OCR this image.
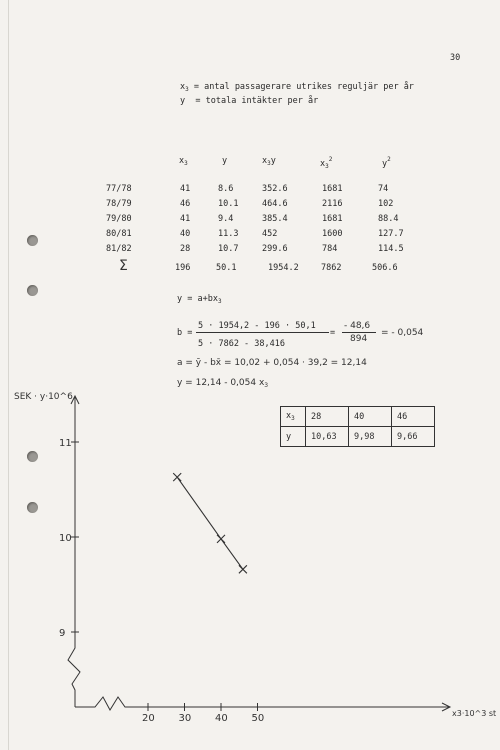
30
$x_3$ = antal passagerare utrikes reguljär per år
y = totala intäkter per år
$x_3$	y	$x_3y$	$x_3^2$	$y^2$
77/78	41	8.6	352.6	1681	74
78/79	46	10.1	464.6	2116	102
79/80	41	9.4	385.4	1681	88.4
80/81	40	11.3	452	1600	127.7
81/82	28	10.7	299.6	784	114.5
Σ	196	50.1	1954.2	7862	506.6
$y = a+bx_3$
b =
5 · 1954,2 - 196 · 50,1
5 · 7862 - 38,416
=
- 48,6
894
= - 0,054
a = ȳ - bx̄ = 10,02 + 0,054 · 39,2 = 12,14
y = 12,14 - 0,054 $x_3$
$x_3$	28	40	46
y	10,63	9,98	9,66
11
10
9
20 30 40 50
SEK · y·10^6
x3·10^3 st
